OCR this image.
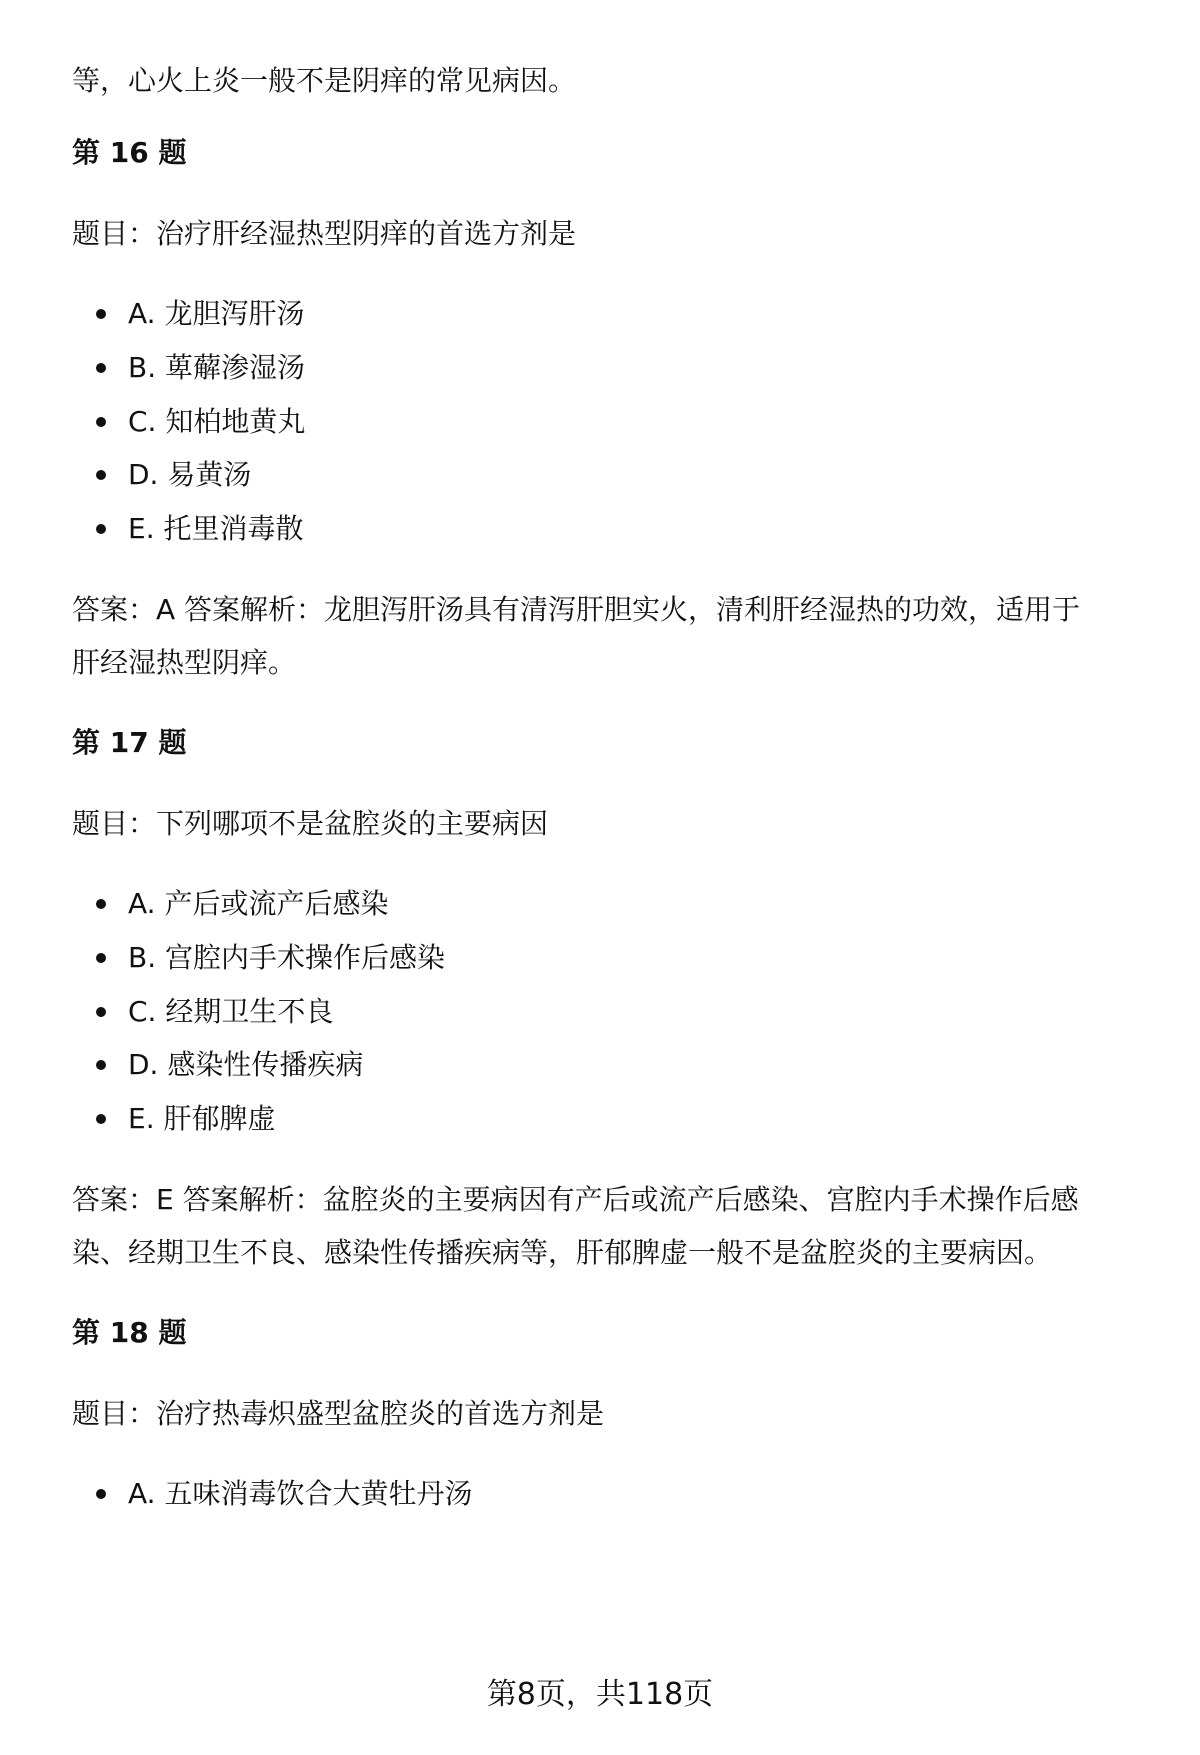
等，心火上炎一般不是阴痒的常见病因。
第 16 题
题目：治疗肝经湿热型阴痒的首选方剂是
A. 龙胆泻肝汤
B. 萆薢渗湿汤
C. 知柏地黄丸
D. 易黄汤
E. 托里消毒散
答案：A 答案解析：龙胆泻肝汤具有清泻肝胆实火，清利肝经湿热的功效，适用于
肝经湿热型阴痒。
第 17 题
题目：下列哪项不是盆腔炎的主要病因
A. 产后或流产后感染
B. 宫腔内手术操作后感染
C. 经期卫生不良
D. 感染性传播疾病
E. 肝郁脾虚
答案：E 答案解析：盆腔炎的主要病因有产后或流产后感染、宫腔内手术操作后感
染、经期卫生不良、感染性传播疾病等，肝郁脾虚一般不是盆腔炎的主要病因。
第 18 题
题目：治疗热毒炽盛型盆腔炎的首选方剂是
A. 五味消毒饮合大黄牡丹汤
第8页，共118页
